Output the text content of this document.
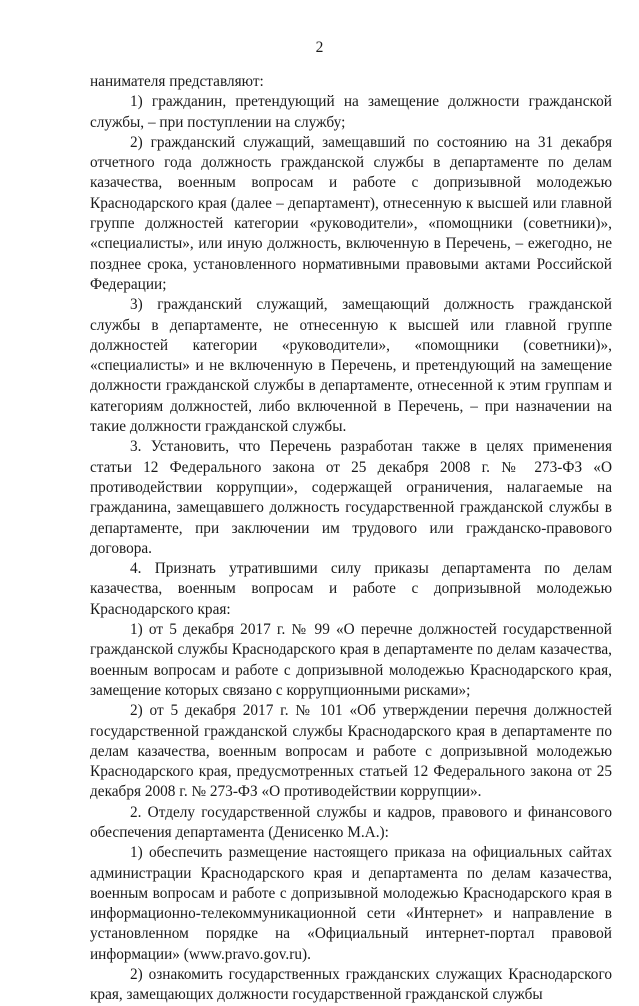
2

нанимателя представляют:

1) гражданин, претендующий на замещение должности гражданской службы, – при поступлении на службу;

2) гражданский служащий, замещавший по состоянию на 31 декабря отчетного года должность гражданской службы в департаменте по делам казачества, военным вопросам и работе с допризывной молодежью Краснодарского края (далее – департамент), отнесенную к высшей или главной группе должностей категории «руководители», «помощники (советники)», «специалисты», или иную должность, включенную в Перечень, – ежегодно, не позднее срока, установленного нормативными правовыми актами Российской Федерации;

3) гражданский служащий, замещающий должность гражданской службы в департаменте, не отнесенную к высшей или главной группе должностей категории «руководители», «помощники (советники)», «специалисты» и не включенную в Перечень, и претендующий на замещение должности гражданской службы в департаменте, отнесенной к этим группам и категориям должностей, либо включенной в Перечень, – при назначении на такие должности гражданской службы.

3. Установить, что Перечень разработан также в целях применения статьи 12 Федерального закона от 25 декабря 2008 г. № 273-ФЗ «О противодействии коррупции», содержащей ограничения, налагаемые на гражданина, замещавшего должность государственной гражданской службы в департаменте, при заключении им трудового или гражданско-правового договора.

4. Признать утратившими силу приказы департамента по делам казачества, военным вопросам и работе с допризывной молодежью Краснодарского края:

1) от 5 декабря 2017 г. № 99 «О перечне должностей государственной гражданской службы Краснодарского края в департаменте по делам казачества, военным вопросам и работе с допризывной молодежью Краснодарского края, замещение которых связано с коррупционными рисками»;

2) от 5 декабря 2017 г. № 101 «Об утверждении перечня должностей государственной гражданской службы Краснодарского края в департаменте по делам казачества, военным вопросам и работе с допризывной молодежью Краснодарского края, предусмотренных статьей 12 Федерального закона от 25 декабря 2008 г. № 273-ФЗ «О противодействии коррупции».

2. Отделу государственной службы и кадров, правового и финансового обеспечения департамента (Денисенко М.А.):

1) обеспечить размещение настоящего приказа на официальных сайтах администрации Краснодарского края и департамента по делам казачества, военным вопросам и работе с допризывной молодежью Краснодарского края в информационно-телекоммуникационной сети «Интернет» и направление в установленном порядке на «Официальный интернет-портал правовой информации» (www.pravo.gov.ru).

2) ознакомить государственных гражданских служащих Краснодарского края, замещающих должности государственной гражданской службы
